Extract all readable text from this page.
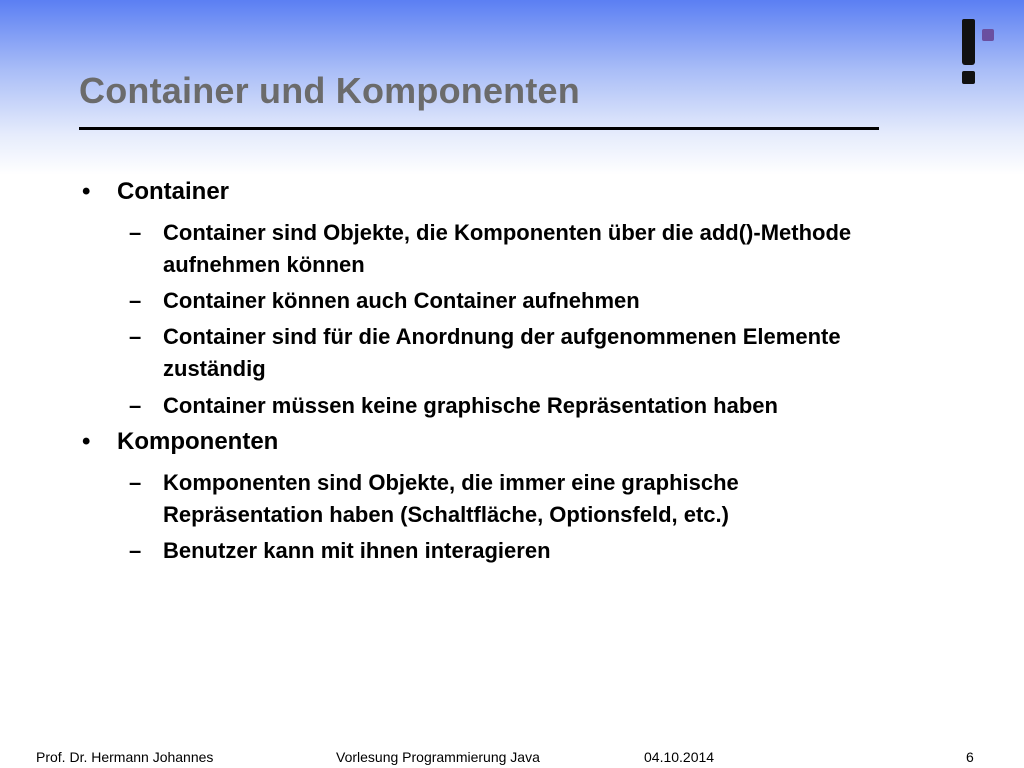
Container und Komponenten
• Container
– Container sind Objekte, die Komponenten über die add()-Methode aufnehmen können

– Container können auch Container aufnehmen

– Container sind für die Anordnung der aufgenommenen Elemente zuständig

– Container müssen keine graphische Repräsentation haben

• Komponenten
– Komponenten sind Objekte, die immer eine graphische Repräsentation haben (Schaltfläche, Optionsfeld, etc.)

– Benutzer kann mit ihnen interagieren

Prof. Dr. Hermann Johannes	Vorlesung Programmierung Java	04.10.2014	6
